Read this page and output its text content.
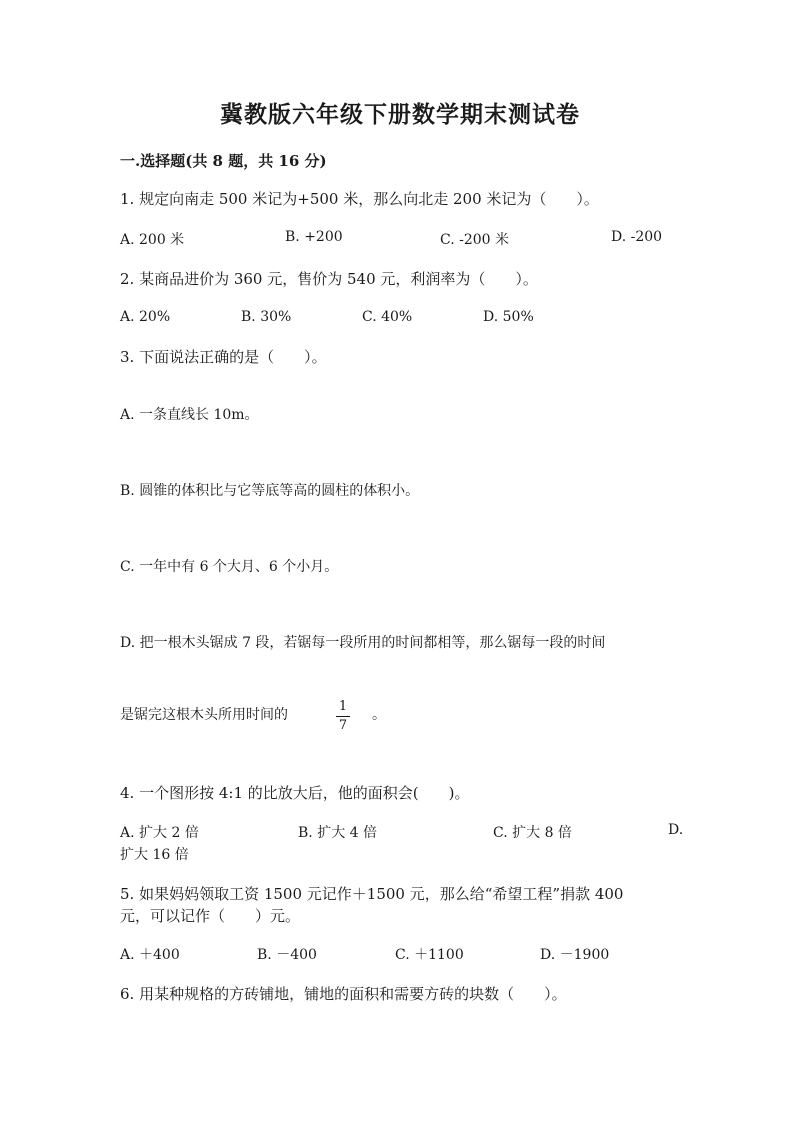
冀教版六年级下册数学期末测试卷
一.选择题(共 8 题，共 16 分)
1. 规定向南走 500 米记为+500 米，那么向北走 200 米记为（　　）。
A. 200 米	B. +200	C. -200 米	D. -200
2. 某商品进价为 360 元，售价为 540 元，利润率为（　　）。
A. 20%	B. 30%	C. 40%	D. 50%
3. 下面说法正确的是（　　）。
A. 一条直线长 10m。
B. 圆锥的体积比与它等底等高的圆柱的体积小。
C. 一年中有 6 个大月、6 个小月。
D. 把一根木头锯成 7 段，若锯每一段所用的时间都相等，那么锯每一段的时间
是锯完这根木头所用时间的
1
7
。
4. 一个图形按 4:1 的比放大后，他的面积会(　　)。
A. 扩大 2 倍	B. 扩大 4 倍	C. 扩大 8 倍	D.
扩大 16 倍
5. 如果妈妈领取工资 1500 元记作＋1500 元，那么给“希望工程”捐款 400
元，可以记作（　　）元。
A. ＋400	B. －400	C. ＋1100	D. －1900
6. 用某种规格的方砖铺地，铺地的面积和需要方砖的块数（　　）。
